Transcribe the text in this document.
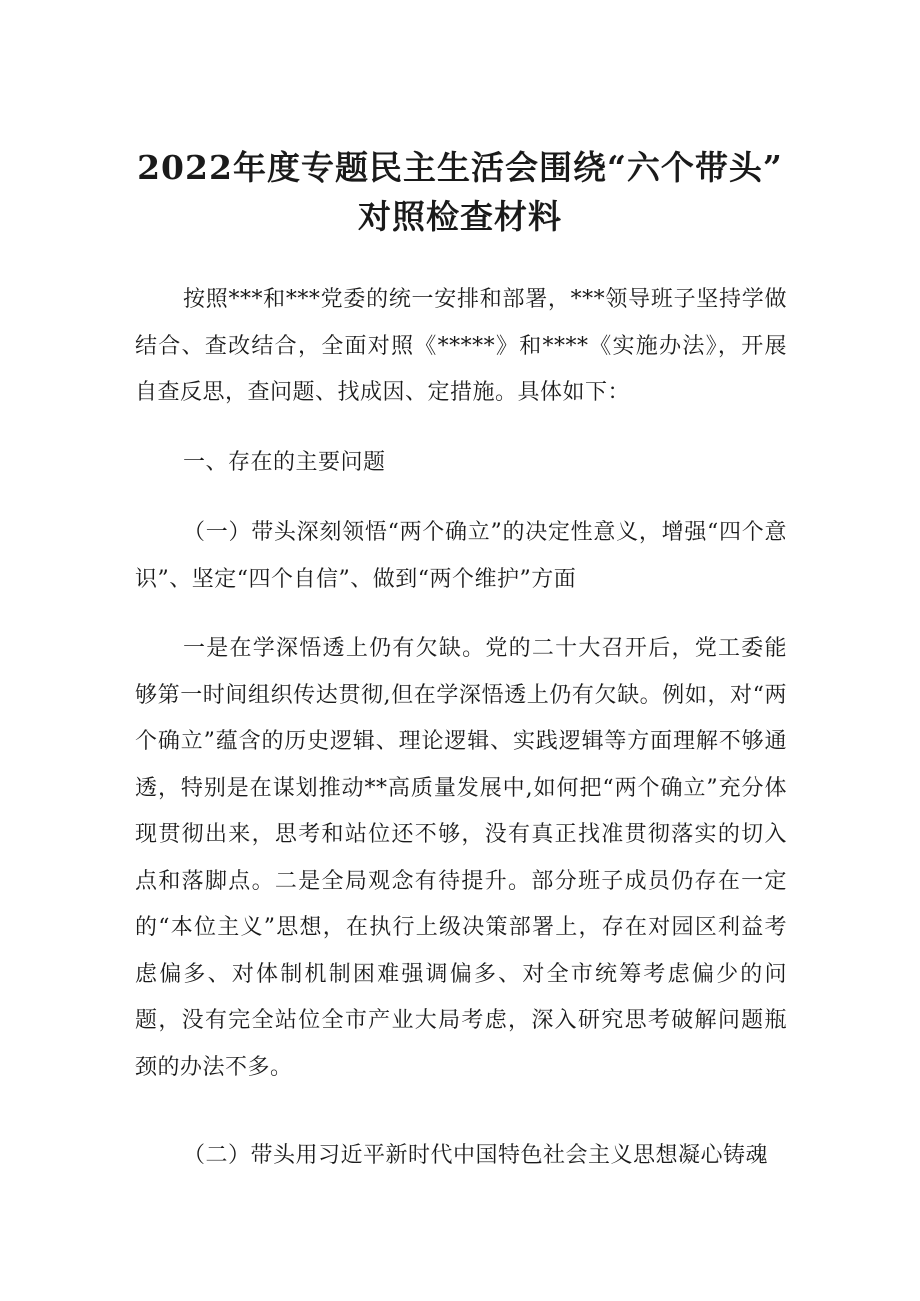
2022年度专题民主生活会围绕“六个带头”
对照检查材料

按照***和***党委的统一安排和部署，***领导班子坚持学做结合、查改结合，全面对照《*****》和****《实施办法》，开展自查反思，查问题、找成因、定措施。具体如下：

一、存在的主要问题

（一）带头深刻领悟“两个确立”的决定性意义，增强“四个意识”、坚定“四个自信”、做到“两个维护”方面

一是在学深悟透上仍有欠缺。党的二十大召开后，党工委能够第一时间组织传达贯彻,但在学深悟透上仍有欠缺。例如，对“两个确立”蕴含的历史逻辑、理论逻辑、实践逻辑等方面理解不够通透，特别是在谋划推动**高质量发展中,如何把“两个确立”充分体现贯彻出来，思考和站位还不够，没有真正找准贯彻落实的切入点和落脚点。二是全局观念有待提升。部分班子成员仍存在一定的“本位主义”思想，在执行上级决策部署上，存在对园区利益考虑偏多、对体制机制困难强调偏多、对全市统筹考虑偏少的问题，没有完全站位全市产业大局考虑，深入研究思考破解问题瓶颈的办法不多。

（二）带头用习近平新时代中国特色社会主义思想凝心铸魂
